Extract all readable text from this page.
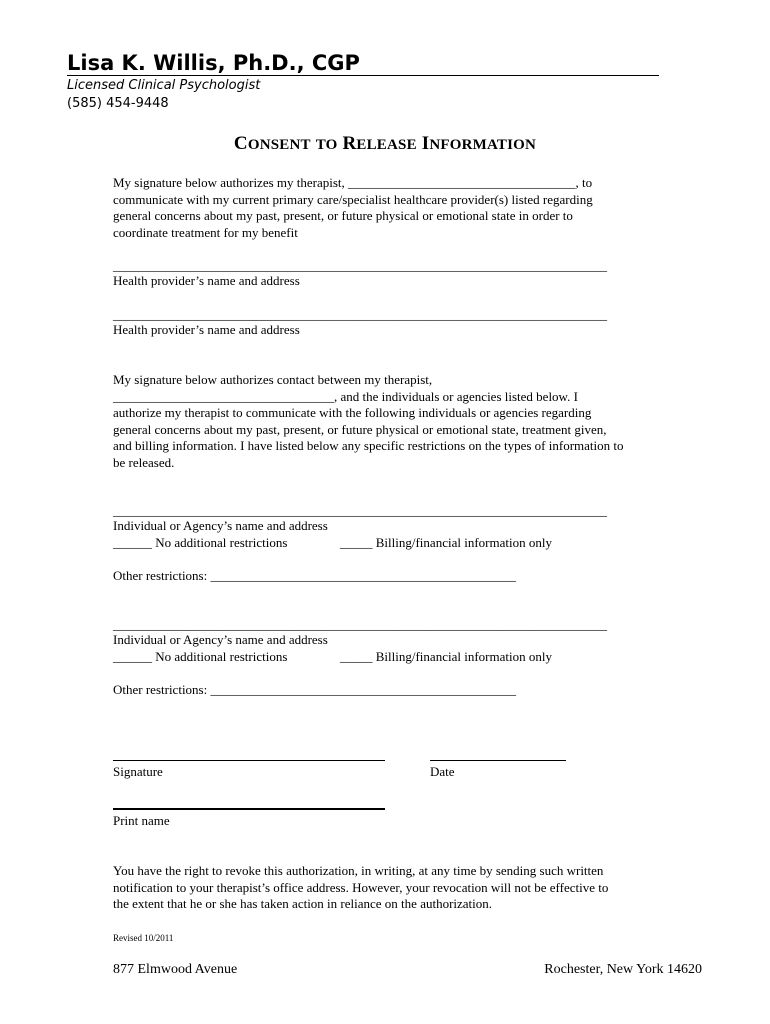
Lisa K. Willis, Ph.D., CGP
Licensed Clinical Psychologist
(585) 454-9448
CONSENT TO RELEASE INFORMATION
My signature below authorizes my therapist, ___________________________________, to
communicate with my current primary care/specialist healthcare provider(s) listed regarding
general concerns about my past, present, or future physical or emotional state in order to
coordinate treatment for my benefit
____________________________________________________________________________
Health provider’s name and address
____________________________________________________________________________
Health provider’s name and address
My signature below authorizes contact between my therapist,
__________________________________, and the individuals or agencies listed below. I
authorize my therapist to communicate with the following individuals or agencies regarding
general concerns about my past, present, or future physical or emotional state, treatment given,
and billing information. I have listed below any specific restrictions on the types of information to
be released.
____________________________________________________________________________
Individual or Agency’s name and address
______ No additional restrictions	_____ Billing/financial information only
Other restrictions: _______________________________________________
____________________________________________________________________________
Individual or Agency’s name and address
______ No additional restrictions	_____ Billing/financial information only
Other restrictions: _______________________________________________
Signature	Date
Print name
You have the right to revoke this authorization, in writing, at any time by sending such written
notification to your therapist’s office address. However, your revocation will not be effective to
the extent that he or she has taken action in reliance on the authorization.
Revised 10/2011
877 Elmwood Avenue	Rochester, New York 14620
